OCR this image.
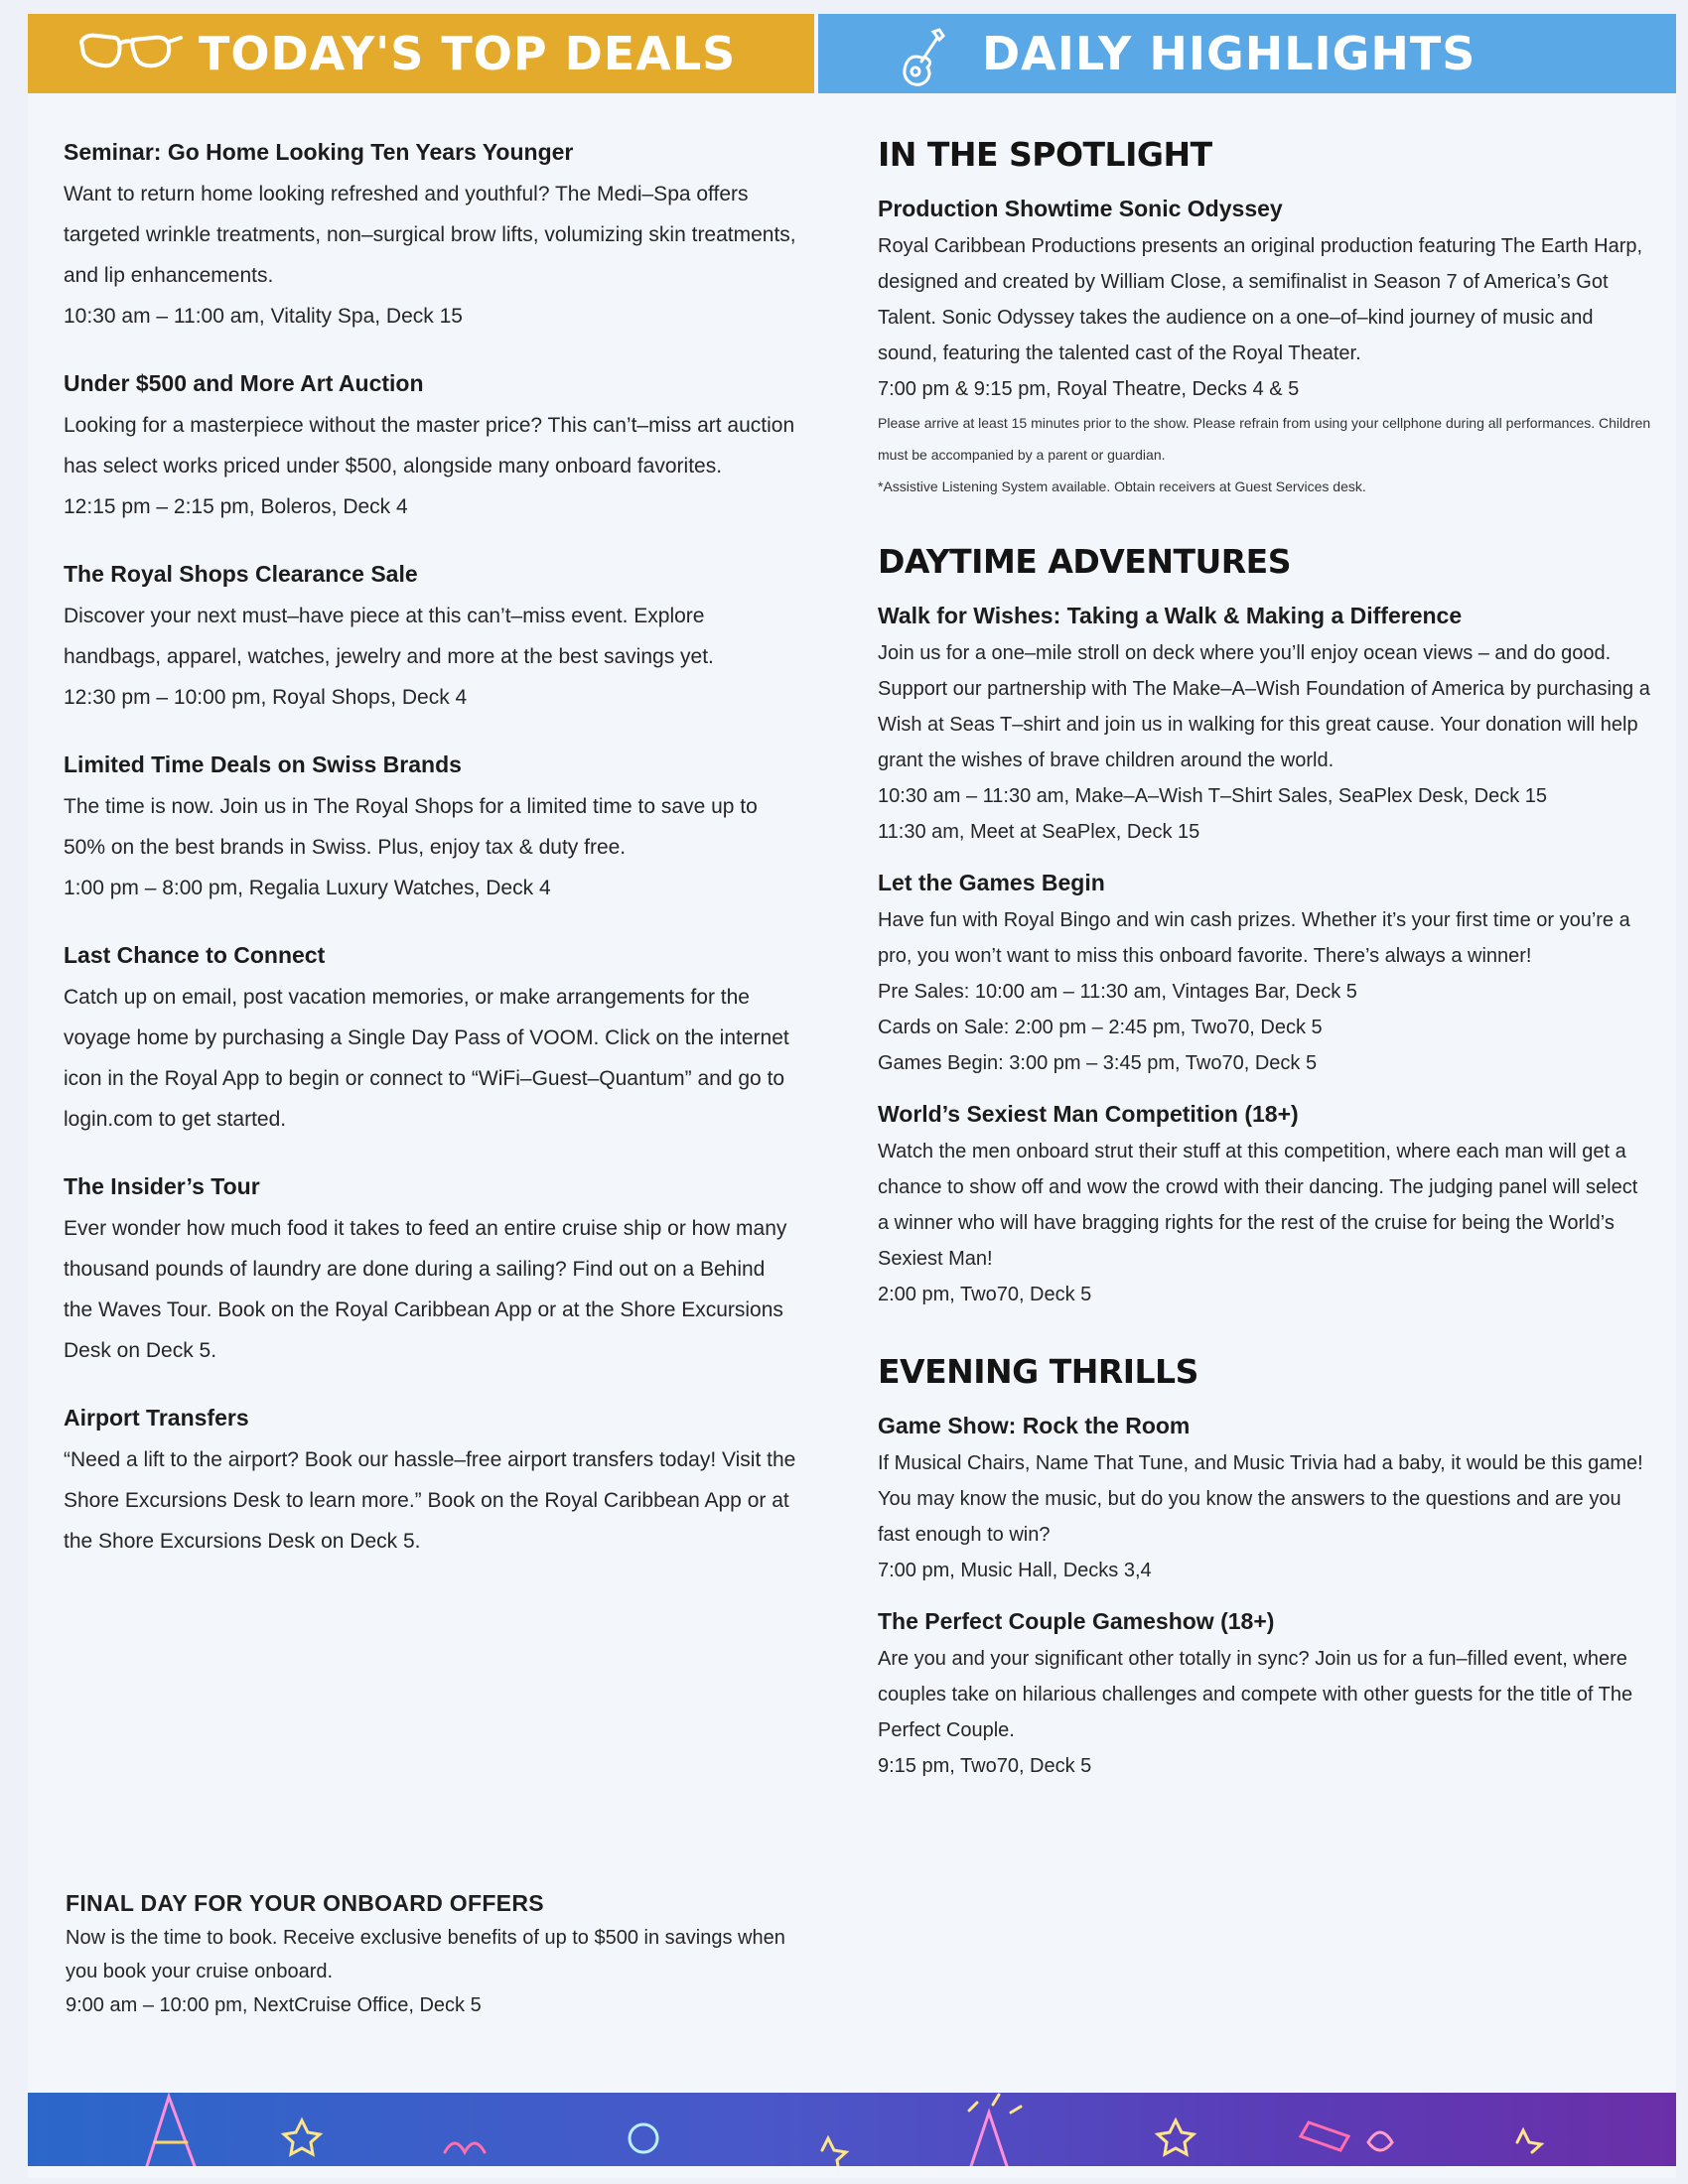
TODAY'S TOP DEALS	DAILY HIGHLIGHTS

Seminar: Go Home Looking Ten Years Younger

Want to return home looking refreshed and youthful? The Medi–Spa offers targeted wrinkle treatments, non–surgical brow lifts, volumizing skin treatments, and lip enhancements.

10:30 am – 11:00 am, Vitality Spa, Deck 15

Under $500 and More Art Auction

Looking for a masterpiece without the master price? This can’t–miss art auction has select works priced under $500, alongside many onboard favorites.

12:15 pm – 2:15 pm, Boleros, Deck 4

The Royal Shops Clearance Sale

Discover your next must–have piece at this can’t–miss event. Explore handbags, apparel, watches, jewelry and more at the best savings yet.

12:30 pm – 10:00 pm, Royal Shops, Deck 4

Limited Time Deals on Swiss Brands

The time is now. Join us in The Royal Shops for a limited time to save up to 50% on the best brands in Swiss. Plus, enjoy tax & duty free.

1:00 pm – 8:00 pm, Regalia Luxury Watches, Deck 4

Last Chance to Connect

Catch up on email, post vacation memories, or make arrangements for the voyage home by purchasing a Single Day Pass of VOOM. Click on the internet icon in the Royal App to begin or connect to “WiFi–Guest–Quantum” and go to login.com to get started.

The Insider’s Tour

Ever wonder how much food it takes to feed an entire cruise ship or how many thousand pounds of laundry are done during a sailing? Find out on a Behind the Waves Tour. Book on the Royal Caribbean App or at the Shore Excursions Desk on Deck 5.

Airport Transfers

“Need a lift to the airport? Book our hassle–free airport transfers today! Visit the Shore Excursions Desk to learn more.” Book on the Royal Caribbean App or at the Shore Excursions Desk on Deck 5.

FINAL DAY FOR YOUR ONBOARD OFFERS

Now is the time to book. Receive exclusive benefits of up to $500 in savings when you book your cruise onboard.

9:00 am – 10:00 pm, NextCruise Office, Deck 5

IN THE SPOTLIGHT

Production Showtime Sonic Odyssey

Royal Caribbean Productions presents an original production featuring The Earth Harp, designed and created by William Close, a semifinalist in Season 7 of America’s Got Talent. Sonic Odyssey takes the audience on a one–of–kind journey of music and sound, featuring the talented cast of the Royal Theater.

7:00 pm & 9:15 pm, Royal Theatre, Decks 4 & 5

Please arrive at least 15 minutes prior to the show. Please refrain from using your cellphone during all performances. Children must be accompanied by a parent or guardian.

*Assistive Listening System available. Obtain receivers at Guest Services desk.

DAYTIME ADVENTURES

Walk for Wishes: Taking a Walk & Making a Difference

Join us for a one–mile stroll on deck where you’ll enjoy ocean views – and do good. Support our partnership with The Make–A–Wish Foundation of America by purchasing a Wish at Seas T–shirt and join us in walking for this great cause. Your donation will help grant the wishes of brave children around the world.

10:30 am – 11:30 am, Make–A–Wish T–Shirt Sales, SeaPlex Desk, Deck 15

11:30 am, Meet at SeaPlex, Deck 15

Let the Games Begin

Have fun with Royal Bingo and win cash prizes. Whether it’s your first time or you’re a pro, you won’t want to miss this onboard favorite. There’s always a winner!

Pre Sales: 10:00 am – 11:30 am, Vintages Bar, Deck 5

Cards on Sale: 2:00 pm – 2:45 pm, Two70, Deck 5

Games Begin: 3:00 pm – 3:45 pm, Two70, Deck 5

World’s Sexiest Man Competition (18+)

Watch the men onboard strut their stuff at this competition, where each man will get a chance to show off and wow the crowd with their dancing. The judging panel will select a winner who will have bragging rights for the rest of the cruise for being the World’s Sexiest Man!

2:00 pm, Two70, Deck 5

EVENING THRILLS

Game Show: Rock the Room

If Musical Chairs, Name That Tune, and Music Trivia had a baby, it would be this game! You may know the music, but do you know the answers to the questions and are you fast enough to win?

7:00 pm, Music Hall, Decks 3,4

The Perfect Couple Gameshow (18+)

Are you and your significant other totally in sync? Join us for a fun–filled event, where couples take on hilarious challenges and compete with other guests for the title of The Perfect Couple.

9:15 pm, Two70, Deck 5
